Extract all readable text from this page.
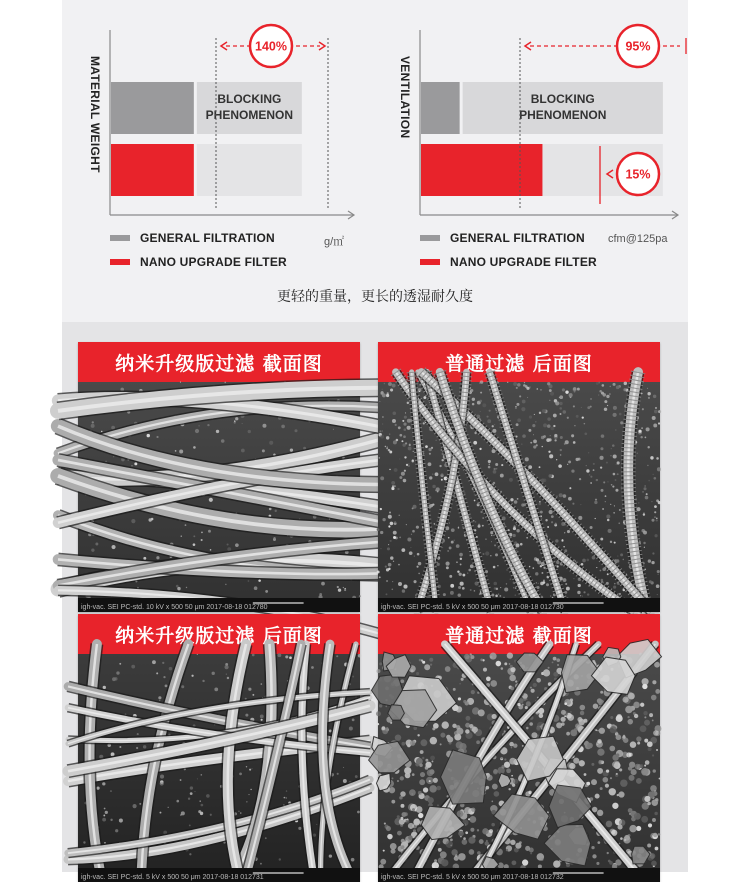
MATERIAL WEIGHT	BLOCKING
PHENOMENON
140%
GENERAL FILTRATION
NANO UPGRADE FILTER
g/㎡
VENTILATION	BLOCKING
PHENOMENON
95%
15%
GENERAL FILTRATION
NANO UPGRADE FILTER
cfm@125pa
更轻的重量，更长的透湿耐久度
纳米升级版过滤 截面图
igh-vac. SEI PC-std. 10 kV x 500 50 μm 2017-08-18 012780
普通过滤 后面图
igh-vac. SEI PC-std. 5 kV x 500 50 μm 2017-08-18 012730
纳米升级版过滤 后面图
igh-vac. SEI PC-std. 5 kV x 500 50 μm 2017-08-18 012731
普通过滤 截面图
igh-vac. SEI PC-std. 5 kV x 500 50 μm 2017-08-18 012732
